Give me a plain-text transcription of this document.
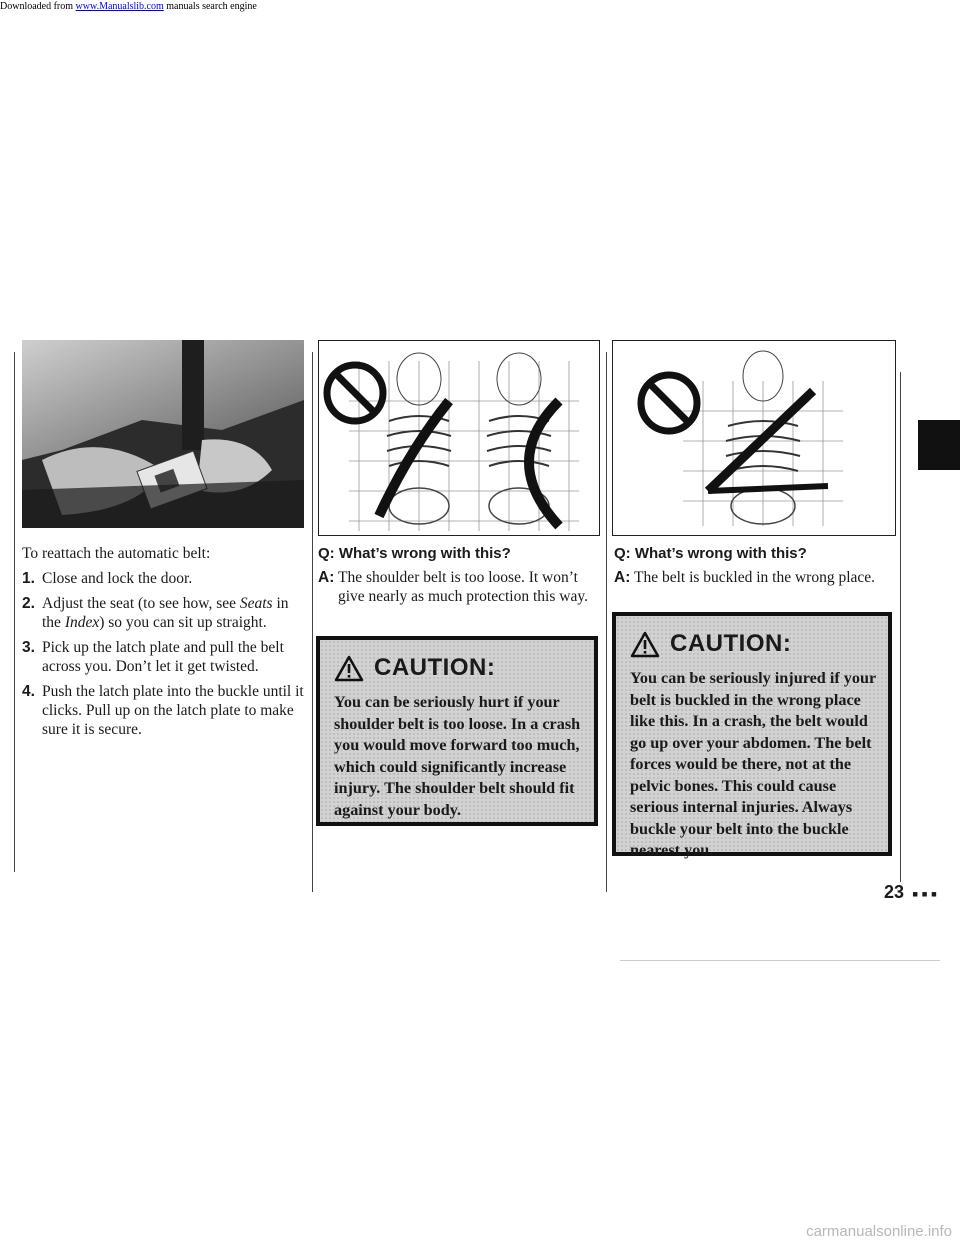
Downloaded from www.Manualslib.com manuals search engine

To reattach the automatic belt:

1. Close and lock the door.
2. Adjust the seat (to see how, see Seats in the Index) so you can sit up straight.
3. Pick up the latch plate and pull the belt across you. Don’t let it get twisted.
4. Push the latch plate into the buckle until it clicks. Pull up on the latch plate to make sure it is secure.

Q: What’s wrong with this?

A: The shoulder belt is too loose. It won’t give nearly as much protection this way.

CAUTION:

You can be seriously hurt if your shoulder belt is too loose. In a crash you would move forward too much, which could significantly increase injury. The shoulder belt should fit against your body.

Q: What’s wrong with this?

A: The belt is buckled in the wrong place.

CAUTION:

You can be seriously injured if your belt is buckled in the wrong place like this. In a crash, the belt would go up over your abdomen. The belt forces would be there, not at the pelvic bones. This could cause serious internal injuries. Always buckle your belt into the buckle nearest you.

23 ▪▪▪
carmanualsonline.info
